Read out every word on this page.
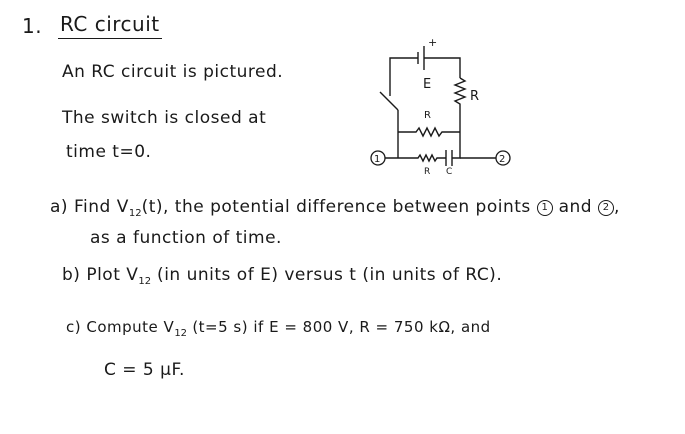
1. RC circuit
An RC circuit is pictured.
The switch is closed at
time t=0.
+
E
R
R
1	2
R C
a) Find $V_{12}(t)$, the potential difference between points 1 and 2 ,
as a function of time.
b) Plot $V_{12}$ (in units of E) versus t (in units of RC).
c) Compute $V_{12}$ (t=5 s) if E = 800 V, R = 750 kΩ, and
C = 5 μF.
